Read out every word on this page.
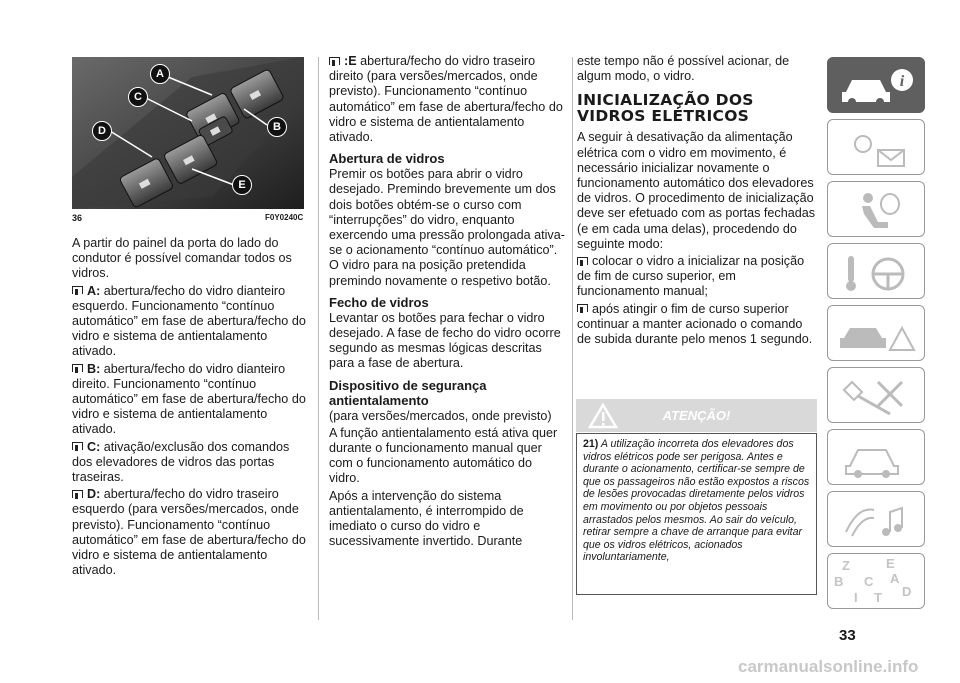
A
B
C
D
E
36	F0Y0240C

A partir do painel da porta do lado do condutor é possível comandar todos os vidros.

A: abertura/fecho do vidro dianteiro esquerdo. Funcionamento “contínuo automático” em fase de abertura/fecho do vidro e sistema de antientalamento ativado.

B: abertura/fecho do vidro dianteiro direito. Funcionamento “contínuo automático” em fase de abertura/fecho do vidro e sistema de antientalamento ativado.

C: ativação/exclusão dos comandos dos elevadores de vidros das portas traseiras.

D: abertura/fecho do vidro traseiro esquerdo (para versões/mercados, onde previsto). Funcionamento “contínuo automático” em fase de abertura/fecho do vidro e sistema de antientalamento ativado.

:E abertura/fecho do vidro traseiro direito (para versões/mercados, onde previsto). Funcionamento “contínuo automático” em fase de abertura/fecho do vidro e sistema de antientalamento ativado.

Abertura de vidros

Premir os botões para abrir o vidro desejado. Premindo brevemente um dos dois botões obtém-se o curso com “interrupções” do vidro, enquanto exercendo uma pressão prolongada ativa-se o acionamento “contínuo automático”. O vidro para na posição pretendida premindo novamente o respetivo botão.

Fecho de vidros

Levantar os botões para fechar o vidro desejado. A fase de fecho do vidro ocorre segundo as mesmas lógicas descritas para a fase de abertura.

Dispositivo de segurança antientalamento

(para versões/mercados, onde previsto)

A função antientalamento está ativa quer durante o funcionamento manual quer com o funcionamento automático do vidro.

Após a intervenção do sistema antientalamento, é interrompido de imediato o curso do vidro e sucessivamente invertido. Durante

este tempo não é possível acionar, de algum modo, o vidro.

INICIALIZAÇÃO DOS VIDROS ELÉTRICOS

A seguir à desativação da alimentação elétrica com o vidro em movimento, é necessário inicializar novamente o funcionamento automático dos elevadores de vidros. O procedimento de inicialização deve ser efetuado com as portas fechadas (e em cada uma delas), procedendo do seguinte modo:

colocar o vidro a inicializar na posição de fim de curso superior, em funcionamento manual;

após atingir o fim de curso superior continuar a manter acionado o comando de subida durante pelo menos 1 segundo.

ATENÇÃO!

21) A utilização incorreta dos elevadores dos vidros elétricos pode ser perigosa. Antes e durante o acionamento, certificar-se sempre de que os passageiros não estão expostos a riscos de lesões provocadas diretamente pelos vidros em movimento ou por objetos pessoais arrastados pelos mesmos. Ao sair do veículo, retirar sempre a chave de arranque para evitar que os vidros elétricos, acionados involuntariamente,

i
Z	E
A
B C
D
T
I
33
carmanualsonline.info
